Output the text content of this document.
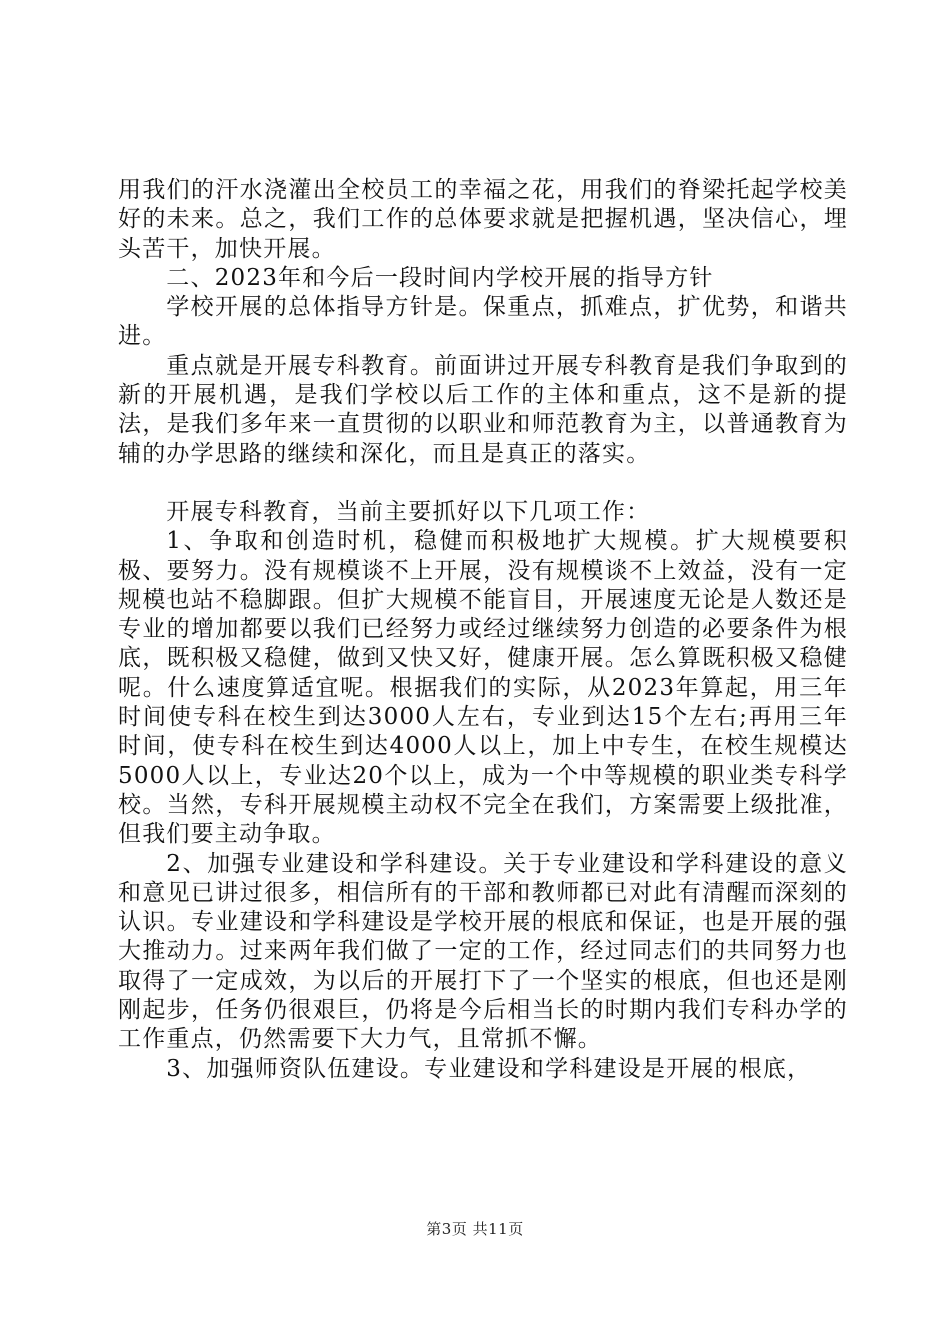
用我们的汗水浇灌出全校员工的幸福之花，用我们的脊梁托起学校美好的未来。总之，我们工作的总体要求就是把握机遇，坚决信心，埋头苦干，加快开展。

二、2023年和今后一段时间内学校开展的指导方针

学校开展的总体指导方针是。保重点，抓难点，扩优势，和谐共进。

重点就是开展专科教育。前面讲过开展专科教育是我们争取到的新的开展机遇，是我们学校以后工作的主体和重点，这不是新的提法，是我们多年来一直贯彻的以职业和师范教育为主，以普通教育为辅的办学思路的继续和深化，而且是真正的落实。

开展专科教育，当前主要抓好以下几项工作：

1、争取和创造时机，稳健而积极地扩大规模。扩大规模要积极、要努力。没有规模谈不上开展，没有规模谈不上效益，没有一定规模也站不稳脚跟。但扩大规模不能盲目，开展速度无论是人数还是专业的增加都要以我们已经努力或经过继续努力创造的必要条件为根底，既积极又稳健，做到又快又好，健康开展。怎么算既积极又稳健呢。什么速度算适宜呢。根据我们的实际，从2023年算起，用三年时间使专科在校生到达3000人左右，专业到达15个左右;再用三年时间，使专科在校生到达4000人以上，加上中专生，在校生规模达5000人以上，专业达20个以上，成为一个中等规模的职业类专科学校。当然，专科开展规模主动权不完全在我们，方案需要上级批准，但我们要主动争取。

2、加强专业建设和学科建设。关于专业建设和学科建设的意义和意见已讲过很多，相信所有的干部和教师都已对此有清醒而深刻的认识。专业建设和学科建设是学校开展的根底和保证，也是开展的强大推动力。过来两年我们做了一定的工作，经过同志们的共同努力也取得了一定成效，为以后的开展打下了一个坚实的根底，但也还是刚刚起步，任务仍很艰巨，仍将是今后相当长的时期内我们专科办学的工作重点，仍然需要下大力气，且常抓不懈。

3、加强师资队伍建设。专业建设和学科建设是开展的根底，

第3页 共11页
